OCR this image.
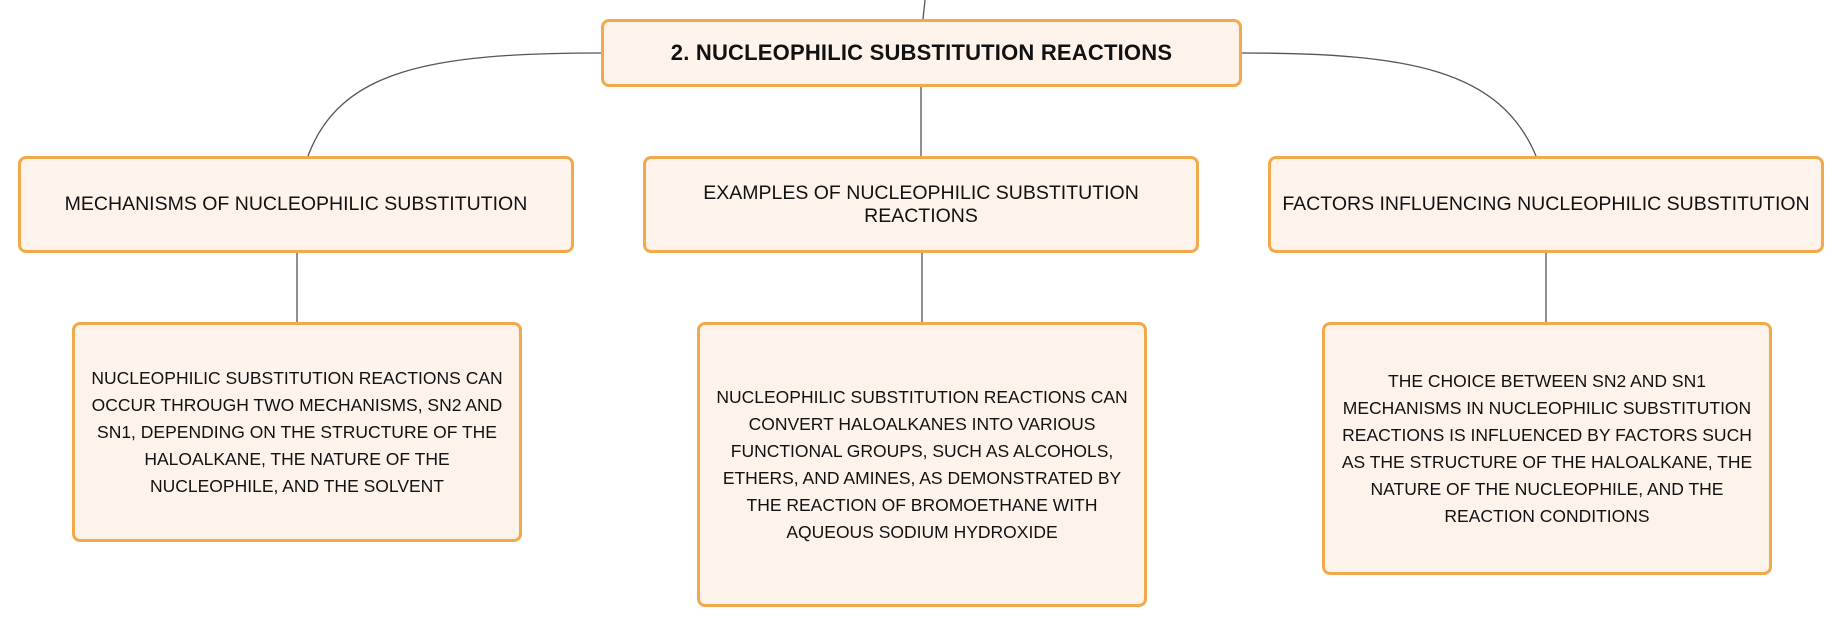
2. NUCLEOPHILIC SUBSTITUTION REACTIONS
MECHANISMS OF NUCLEOPHILIC SUBSTITUTION
EXAMPLES OF NUCLEOPHILIC SUBSTITUTION REACTIONS
FACTORS INFLUENCING NUCLEOPHILIC SUBSTITUTION
NUCLEOPHILIC SUBSTITUTION REACTIONS CAN OCCUR THROUGH TWO MECHANISMS, SN2 AND SN1, DEPENDING ON THE STRUCTURE OF THE HALOALKANE, THE NATURE OF THE NUCLEOPHILE, AND THE SOLVENT
NUCLEOPHILIC SUBSTITUTION REACTIONS CAN CONVERT HALOALKANES INTO VARIOUS FUNCTIONAL GROUPS, SUCH AS ALCOHOLS, ETHERS, AND AMINES, AS DEMONSTRATED BY THE REACTION OF BROMOETHANE WITH AQUEOUS SODIUM HYDROXIDE
THE CHOICE BETWEEN SN2 AND SN1 MECHANISMS IN NUCLEOPHILIC SUBSTITUTION REACTIONS IS INFLUENCED BY FACTORS SUCH AS THE STRUCTURE OF THE HALOALKANE, THE NATURE OF THE NUCLEOPHILE, AND THE REACTION CONDITIONS
